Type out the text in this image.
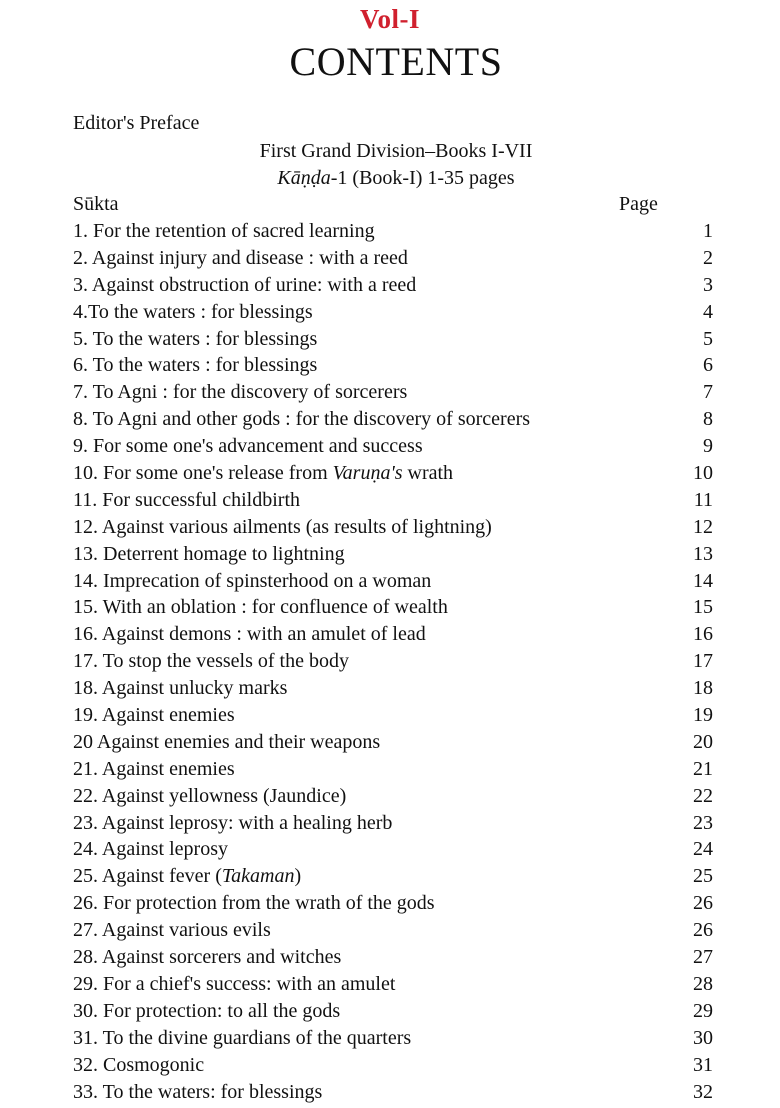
Vol-I
CONTENTS
Editor's Preface
First Grand Division–Books I-VII
Kāṇḍa-1 (Book-I) 1-35 pages
Sūkta	Page
1. For the retention of sacred learning	1
2. Against injury and disease : with a reed	2
3. Against obstruction of urine: with a reed	3
4.To the waters : for blessings	4
5. To the waters : for blessings	5
6. To the waters : for blessings	6
7. To Agni : for the discovery of sorcerers	7
8. To Agni and other gods : for the discovery of sorcerers	8
9. For some one's advancement and success	9
10. For some one's release from Varuṇa's wrath	10
11. For successful childbirth	11
12. Against various ailments (as results of lightning)	12
13. Deterrent homage to lightning	13
14. Imprecation of spinsterhood on a woman	14
15. With an oblation : for confluence of wealth	15
16. Against demons : with an amulet of lead	16
17. To stop the vessels of the body	17
18. Against unlucky marks	18
19. Against enemies	19
20 Against enemies and their weapons	20
21. Against enemies	21
22. Against yellowness (Jaundice)	22
23. Against leprosy: with a healing herb	23
24. Against leprosy	24
25. Against fever (Takaman)	25
26. For protection from the wrath of the gods	26
27. Against various evils	26
28. Against sorcerers and witches	27
29. For a chief's success: with an amulet	28
30. For protection: to all the gods	29
31. To the divine guardians of the quarters	30
32. Cosmogonic	31
33. To the waters: for blessings	32
